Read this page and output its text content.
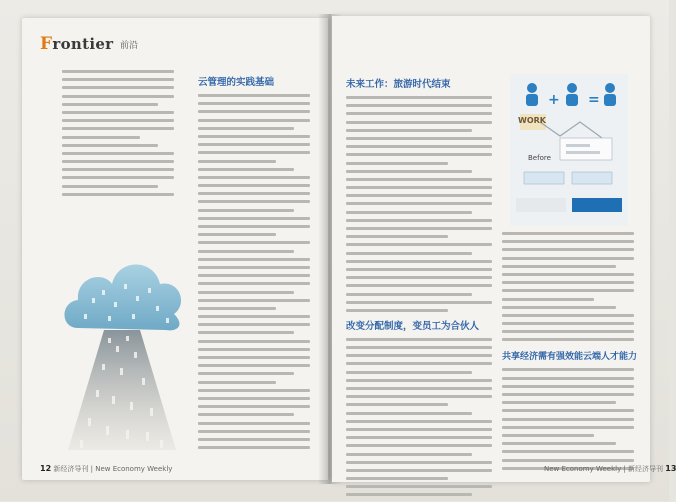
Frontier 前沿
云管理的实践基础
12 新经济导刊 | New Economy Weekly
未来工作：旅游时代结束
改变分配制度，变员工为合伙人
+ =
WORK
Before
共享经济需有强效能云端人才能力
New Economy Weekly | 新经济导刊 13
